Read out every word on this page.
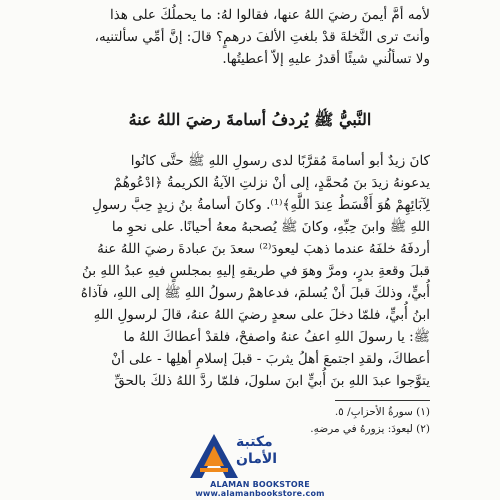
لأمه أمَّ أيمنَ رضيَ اللهُ عنها، فقالوا لهُ: ما يحملُكَ على هذا
وأنتَ ترى النَّخلةَ قدْ بلغتِ الألفَ درهمٍ؟ قالَ: إنَّ أمِّي سألتنيه،
ولا تسألُني شيئًا أقدرُ عليهِ إلاّ أعطيتُها.
النَّبيُّ ﷺ يُردفُ أسامةَ رضيَ اللهُ عنهُ
كانَ زيدٌ أبو أسامةَ مُقرَّبًا لدى رسولِ اللهِ ﷺ حتَّى كانُوا
يدعونهُ زيدَ بنَ مُحمَّدٍ، إلى أنْ نزلتِ الآيةُ الكريمةُ ﴿ادْعُوهُمْ
لِآبَائِهِمْ هُوَ أَقْسَطُ عِندَ اللَّهِ﴾⁽¹⁾. وكانَ أسامةُ بنُ زيدٍ حِبَّ رسولِ
اللهِ ﷺ وابنَ حِبِّهِ، وكانَ ﷺ يُصحبهُ معهُ أحيانًا. على نحوِ ما
أردفَهُ خلفَهُ عندما ذهبَ ليعودَ⁽²⁾ سعدَ بنَ عبادةَ رضيَ اللهُ عنهُ
قبلَ وقعةِ بدرٍ، ومرَّ وهوَ في طريقهِ إليهِ بمجلسٍ فيهِ عبدُ اللهِ بنُ
أُبيٍّ، وذلكَ قبلَ أنْ يُسلمَ، فدعاهمْ رسولُ اللهِ ﷺ إلى اللهِ، فآذاهُ
ابنُ أُبيٍّ، فلمّا دخلَ على سعدٍ رضيَ اللهُ عنهُ، قالَ لرسولِ اللهِ
ﷺ: يا رسولَ اللهِ اعفُ عنهُ واصفحْ، فلقدْ أعطاكَ اللهُ ما
أعطاكَ، ولقدِ اجتمعَ أهلُ يثربَ - قبلَ إسلامِ أهلِها - على أنْ
يتوَّجوا عبدَ اللهِ بنَ أُبيٍّ ابنَ سلولَ، فلمّا ردَّ اللهُ ذلكَ بالحقِّ
(١) سورةُ الأحزابِ/ ٥.
(٢) ليعودَ: يزورهُ في مرضهِ.
مكتبة
الأمان
ALAMAN BOOKSTORE www.alamanbookstore.com
